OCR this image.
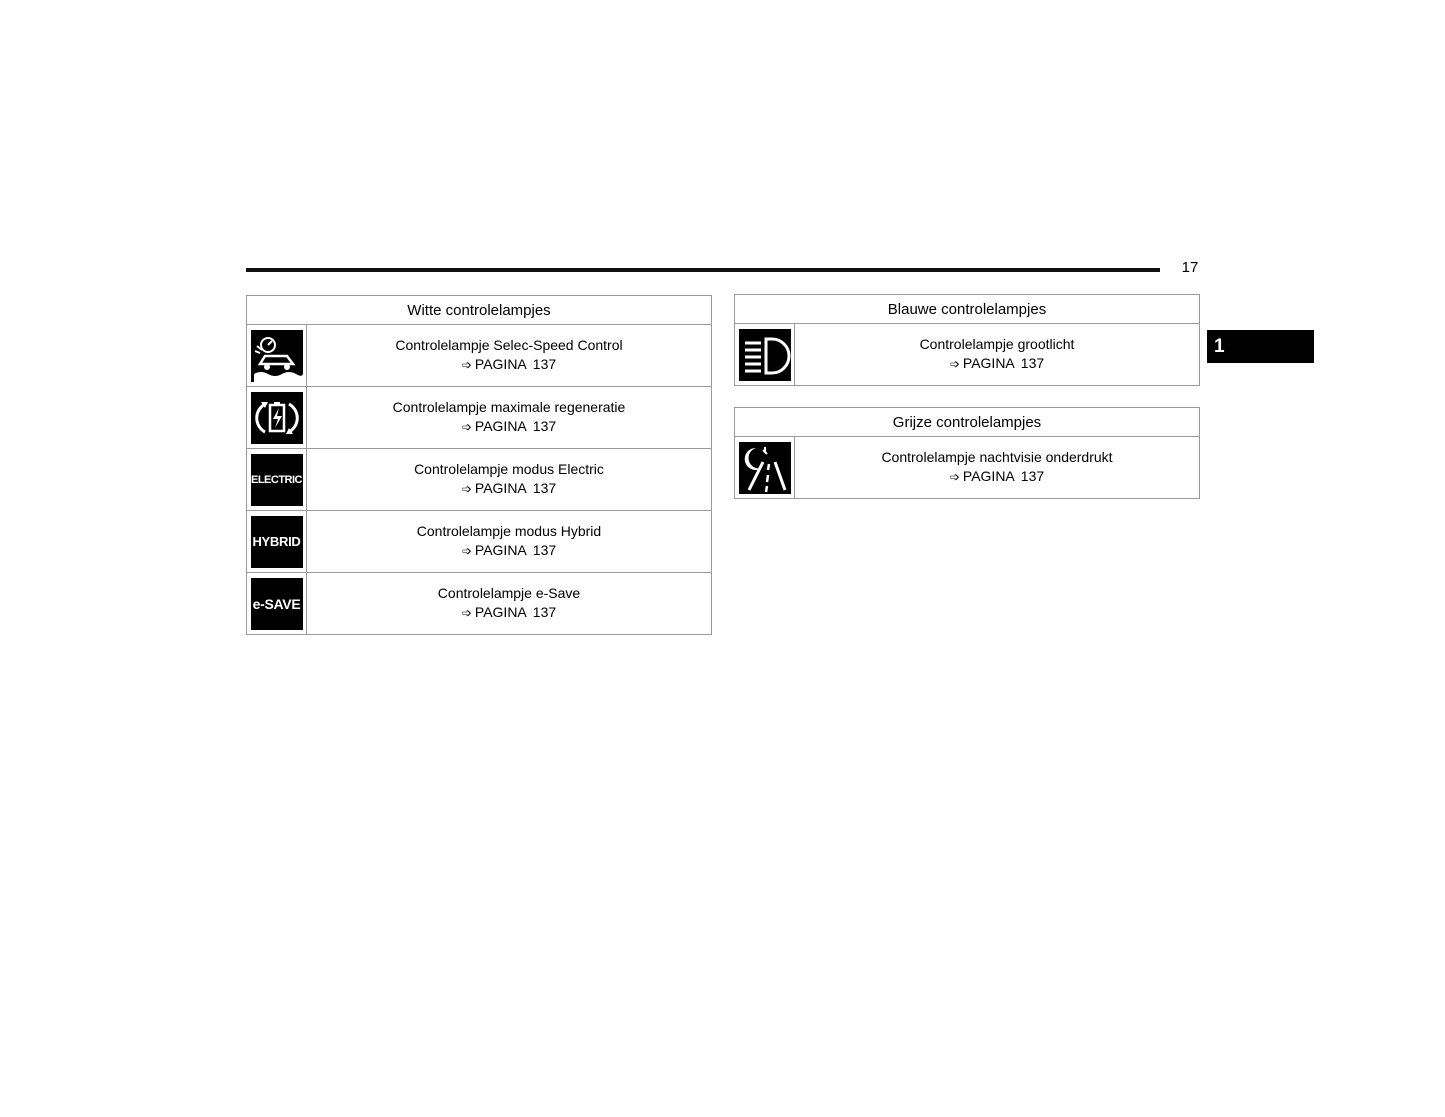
17
1
Witte controlelampjes	

Controlelampje Selec-Speed Control
➩ PAGINA 137

Controlelampje maximale regeneratie
➩ PAGINA 137

ELECTRIC	Controlelampje modus Electric
➩ PAGINA 137

HYBRID	Controlelampje modus Hybrid
➩ PAGINA 137

e-SAVE	Controlelampje e-Save
➩ PAGINA 137
Blauwe controlelampjes

Controlelampje grootlicht
➩ PAGINA 137
Grijze controlelampjes

Controlelampje nachtvisie onderdrukt
➩ PAGINA 137
